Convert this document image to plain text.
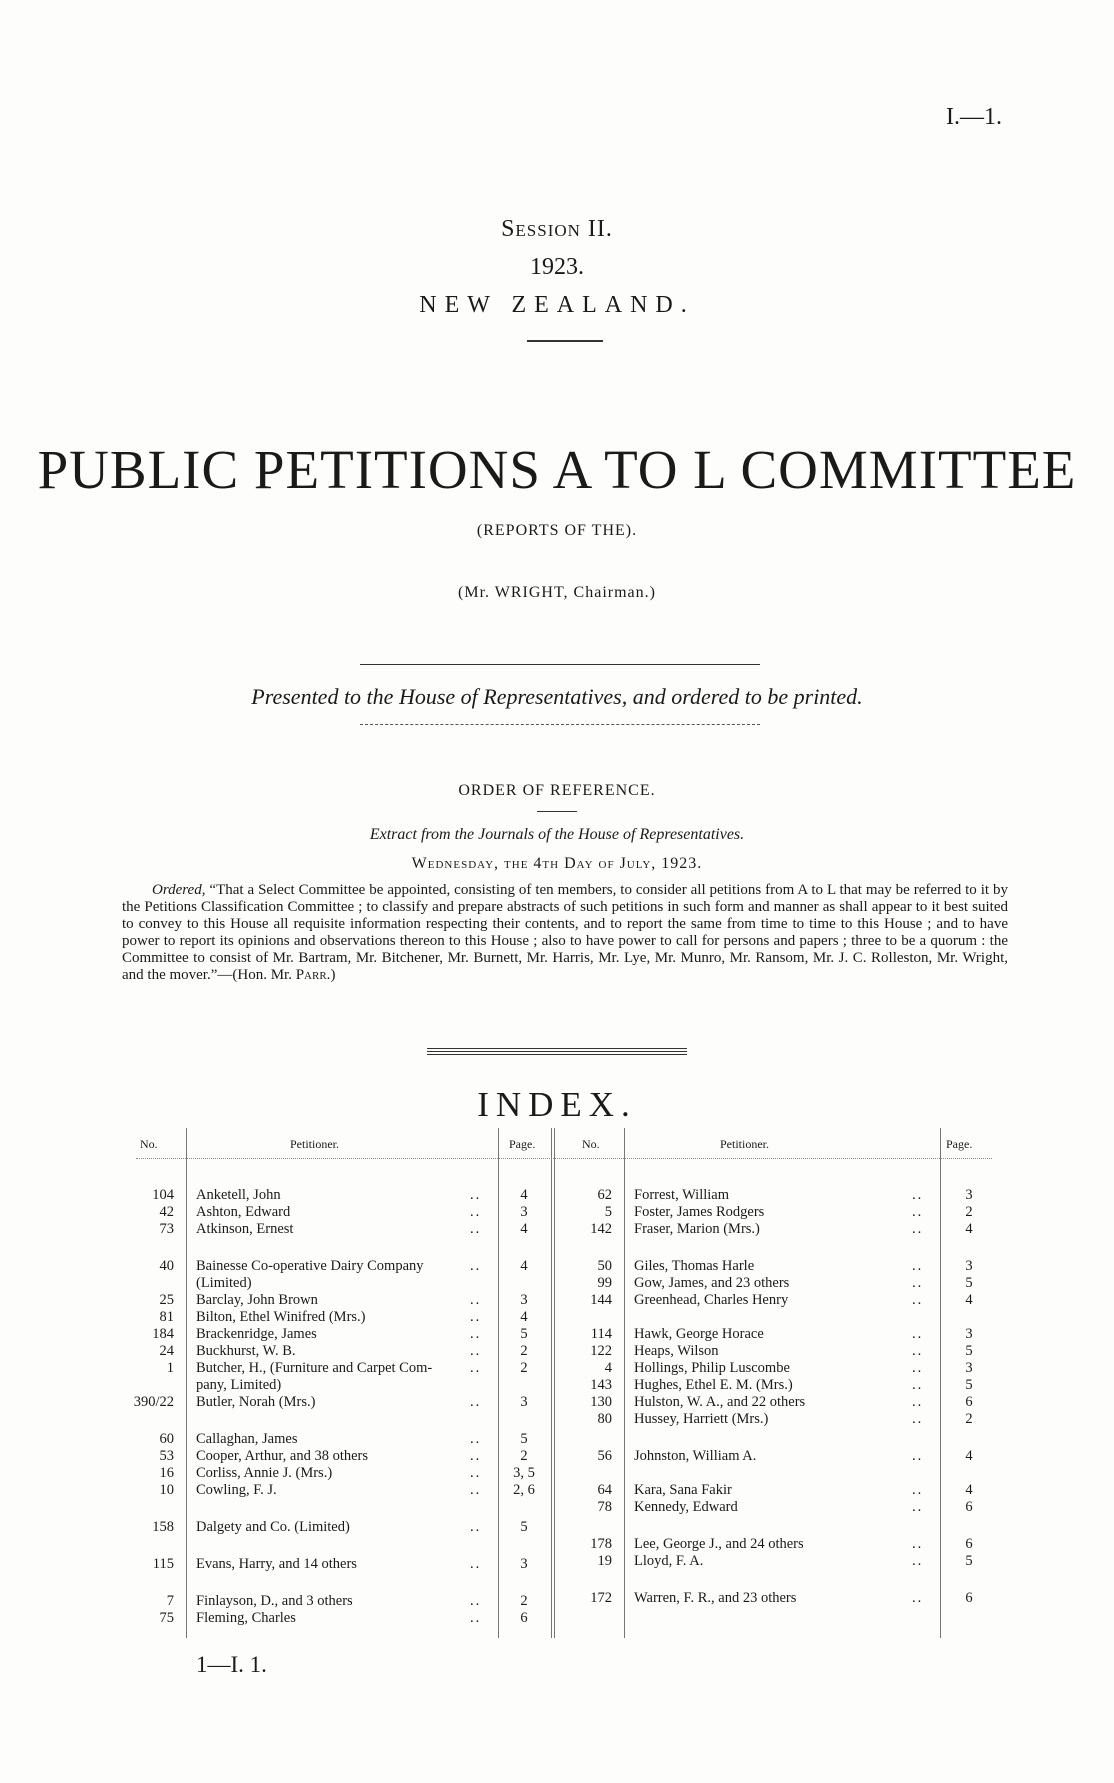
I.—1.
Session II.
1923.
NEW ZEALAND.
PUBLIC PETITIONS A TO L COMMITTEE
(REPORTS OF THE).
(Mr. WRIGHT, Chairman.)
Presented to the House of Representatives, and ordered to be printed.
ORDER OF REFERENCE.
Extract from the Journals of the House of Representatives.
Wednesday, the 4th Day of July, 1923.
Ordered, “That a Select Committee be appointed, consisting of ten members, to consider all petitions from A to L that may be referred to it by the Petitions Classification Committee ; to classify and prepare abstracts of such petitions in such form and manner as shall appear to it best suited to convey to this House all requisite information respecting their contents, and to report the same from time to time to this House ; and to have power to report its opinions and observations thereon to this House ; also to have power to call for persons and papers ; three to be a quorum : the Committee to consist of Mr. Bartram, Mr. Bitchener, Mr. Burnett, Mr. Harris, Mr. Lye, Mr. Munro, Mr. Ransom, Mr. J. C. Rolleston, Mr. Wright, and the mover.”—(Hon. Mr. Parr.)
INDEX.
No.	Petitioner.	Page.	No.	Petitioner.	Page.
104 Anketell, John	..	4
42 Ashton, Edward	..	3
73 Atkinson, Ernest	..	4
40 Bainesse Co-operative Dairy Company	..	4
(Limited)
25 Barclay, John Brown	..	3
81 Bilton, Ethel Winifred (Mrs.)	..	4
184 Brackenridge, James	..	5
24 Buckhurst, W. B.	..	2
1 Butcher, H., (Furniture and Carpet Com-	..	2
pany, Limited)
390/22 Butler, Norah (Mrs.)	..	3
60 Callaghan, James	..	5
53 Cooper, Arthur, and 38 others	..	2
16 Corliss, Annie J. (Mrs.)	..	3, 5
10 Cowling, F. J.	..	2, 6
158 Dalgety and Co. (Limited)	..	5
115 Evans, Harry, and 14 others	..	3
7 Finlayson, D., and 3 others	..	2
75 Fleming, Charles	..	6
62 Forrest, William	..	3
5 Foster, James Rodgers	..	2
142 Fraser, Marion (Mrs.)	..	4
50 Giles, Thomas Harle	..	3
99 Gow, James, and 23 others	..	5
144 Greenhead, Charles Henry	..	4
114 Hawk, George Horace	..	3
122 Heaps, Wilson	..	5
4 Hollings, Philip Luscombe	..	3
143 Hughes, Ethel E. M. (Mrs.)	..	5
130 Hulston, W. A., and 22 others	..	6
80 Hussey, Harriett (Mrs.)	..	2
56 Johnston, William A.	..	4
64 Kara, Sana Fakir	..	4
78 Kennedy, Edward	..	6
178 Lee, George J., and 24 others	..	6
19 Lloyd, F. A.	..	5
172 Warren, F. R., and 23 others	..	6
1—I. 1.
